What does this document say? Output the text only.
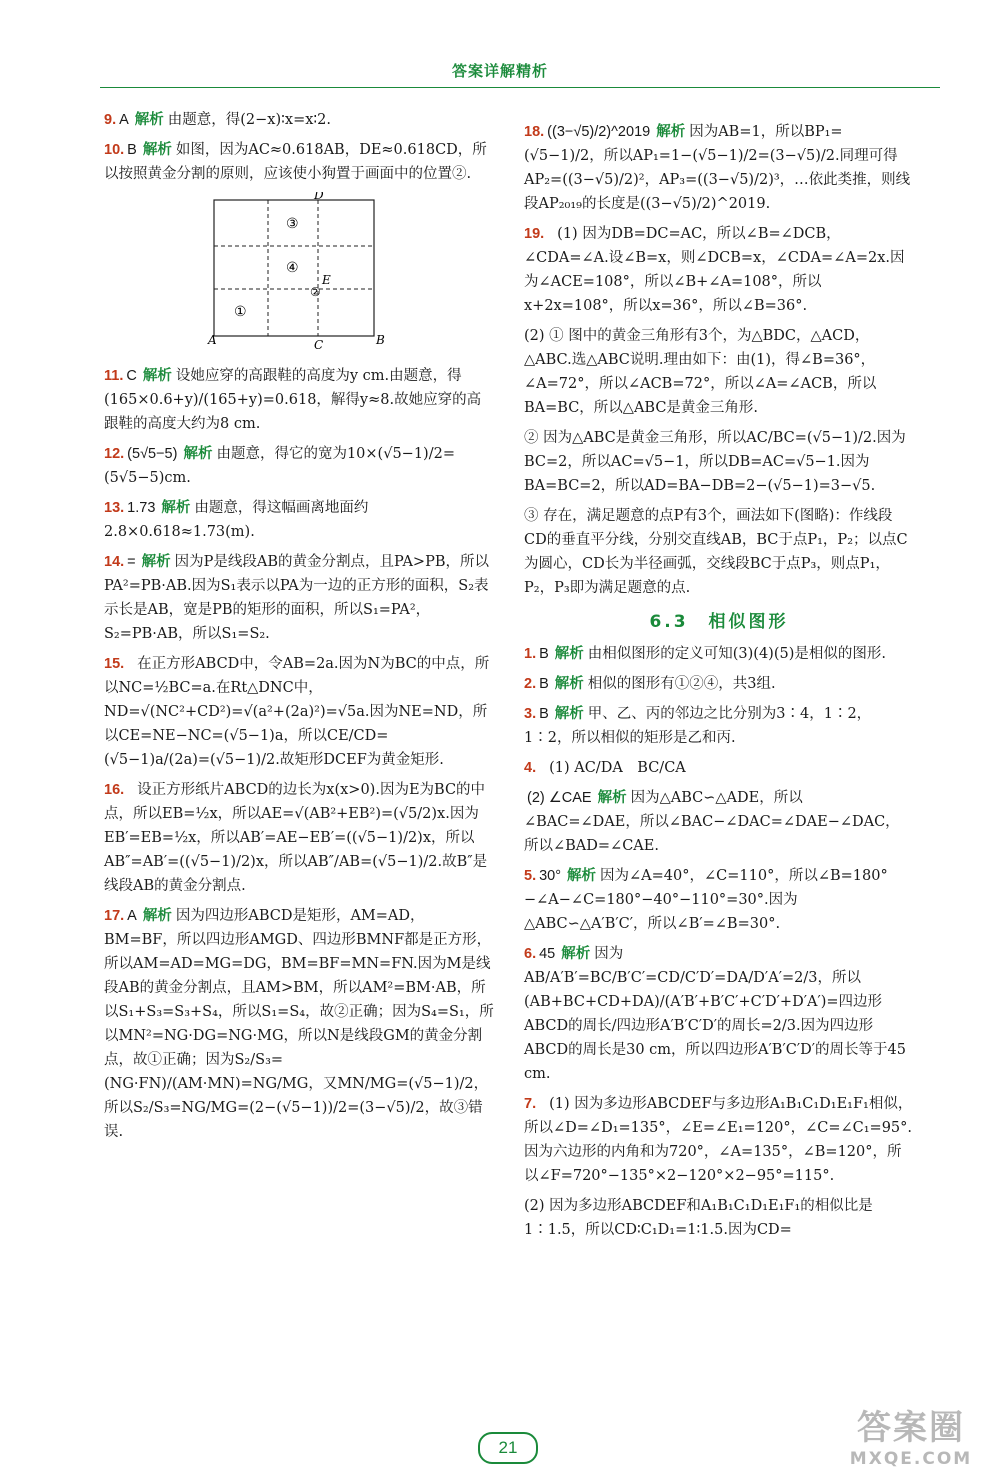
答案详解精析
9. A 解析 由题意，得(2−x)∶x=x∶2.
10. B 解析 如图，因为AC≈0.618AB，DE≈0.618CD，所以按照黄金分割的原则，应该使小狗置于画面中的位置②.
A	B
C
D
E
①
②
③
④
11. C 解析 设她应穿的高跟鞋的高度为y cm.由题意，得 (165×0.6+y)/(165+y)=0.618，解得y≈8.故她应穿的高跟鞋的高度大约为8 cm.
12. (5√5−5) 解析 由题意，得它的宽为10×(√5−1)/2=(5√5−5)cm.
13. 1.73 解析 由题意，得这幅画离地面约2.8×0.618≈1.73(m).
14. = 解析 因为P是线段AB的黄金分割点，且PA>PB，所以PA²=PB·AB.因为S₁表示以PA为一边的正方形的面积，S₂表示长是AB，宽是PB的矩形的面积，所以S₁=PA²，S₂=PB·AB，所以S₁=S₂.
15. 在正方形ABCD中，令AB=2a.因为N为BC的中点，所以NC=½BC=a.在Rt△DNC中，ND=√(NC²+CD²)=√(a²+(2a)²)=√5a.因为NE=ND，所以CE=NE−NC=(√5−1)a，所以CE/CD=(√5−1)a/(2a)=(√5−1)/2.故矩形DCEF为黄金矩形.
16. 设正方形纸片ABCD的边长为x(x>0).因为E为BC的中点，所以EB=½x，所以AE=√(AB²+EB²)=(√5/2)x.因为EB′=EB=½x，所以AB′=AE−EB′=((√5−1)/2)x，所以AB″=AB′=((√5−1)/2)x，所以AB″/AB=(√5−1)/2.故B″是线段AB的黄金分割点.
17. A 解析 因为四边形ABCD是矩形，AM=AD，BM=BF，所以四边形AMGD、四边形BMNF都是正方形，所以AM=AD=MG=DG，BM=BF=MN=FN.因为M是线段AB的黄金分割点，且AM>BM，所以AM²=BM·AB，所以S₁+S₃=S₃+S₄，所以S₁=S₄，故②正确；因为S₄=S₁，所以MN²=NG·DG=NG·MG，所以N是线段GM的黄金分割点，故①正确；因为S₂/S₃=(NG·FN)/(AM·MN)=NG/MG，又MN/MG=(√5−1)/2，所以S₂/S₃=NG/MG=(2−(√5−1))/2=(3−√5)/2，故③错误.
18. ((3−√5)/2)^2019 解析 因为AB=1，所以BP₁=(√5−1)/2，所以AP₁=1−(√5−1)/2=(3−√5)/2.同理可得AP₂=((3−√5)/2)²，AP₃=((3−√5)/2)³，…依此类推，则线段AP₂₀₁₉的长度是((3−√5)/2)^2019.
19. (1) 因为DB=DC=AC，所以∠B=∠DCB，∠CDA=∠A.设∠B=x，则∠DCB=x，∠CDA=∠A=2x.因为∠ACE=108°，所以∠B+∠A=108°，所以x+2x=108°，所以x=36°，所以∠B=36°.
(2) ① 图中的黄金三角形有3个，为△BDC，△ACD，△ABC.选△ABC说明.理由如下：由(1)，得∠B=36°，∠A=72°，所以∠ACB=72°，所以∠A=∠ACB，所以BA=BC，所以△ABC是黄金三角形.
② 因为△ABC是黄金三角形，所以AC/BC=(√5−1)/2.因为BC=2，所以AC=√5−1，所以DB=AC=√5−1.因为BA=BC=2，所以AD=BA−DB=2−(√5−1)=3−√5.
③ 存在，满足题意的点P有3个，画法如下(图略)：作线段CD的垂直平分线，分别交直线AB，BC于点P₁，P₂；以点C为圆心，CD长为半径画弧，交线段BC于点P₃，则点P₁，P₂，P₃即为满足题意的点.
6.3　相似图形
1. B 解析 由相似图形的定义可知(3)(4)(5)是相似的图形.
2. B 解析 相似的图形有①②④，共3组.
3. B 解析 甲、乙、丙的邻边之比分别为3∶4，1∶2，1∶2，所以相似的矩形是乙和丙.
4. (1) AC/DA　BC/CA
(2) ∠CAE 解析 因为△ABC∽△ADE，所以∠BAC=∠DAE，所以∠BAC−∠DAC=∠DAE−∠DAC，所以∠BAD=∠CAE.
5. 30° 解析 因为∠A=40°，∠C=110°，所以∠B=180°−∠A−∠C=180°−40°−110°=30°.因为△ABC∽△A′B′C′，所以∠B′=∠B=30°.
6. 45 解析 因为AB/A′B′=BC/B′C′=CD/C′D′=DA/D′A′=2/3，所以(AB+BC+CD+DA)/(A′B′+B′C′+C′D′+D′A′)=四边形ABCD的周长/四边形A′B′C′D′的周长=2/3.因为四边形ABCD的周长是30 cm，所以四边形A′B′C′D′的周长等于45 cm.
7. (1) 因为多边形ABCDEF与多边形A₁B₁C₁D₁E₁F₁相似，所以∠D=∠D₁=135°，∠E=∠E₁=120°，∠C=∠C₁=95°.因为六边形的内角和为720°，∠A=135°，∠B=120°，所以∠F=720°−135°×2−120°×2−95°=115°.
(2) 因为多边形ABCDEF和A₁B₁C₁D₁E₁F₁的相似比是1∶1.5，所以CD∶C₁D₁=1∶1.5.因为CD=
21	答案圈
MXQE.COM
